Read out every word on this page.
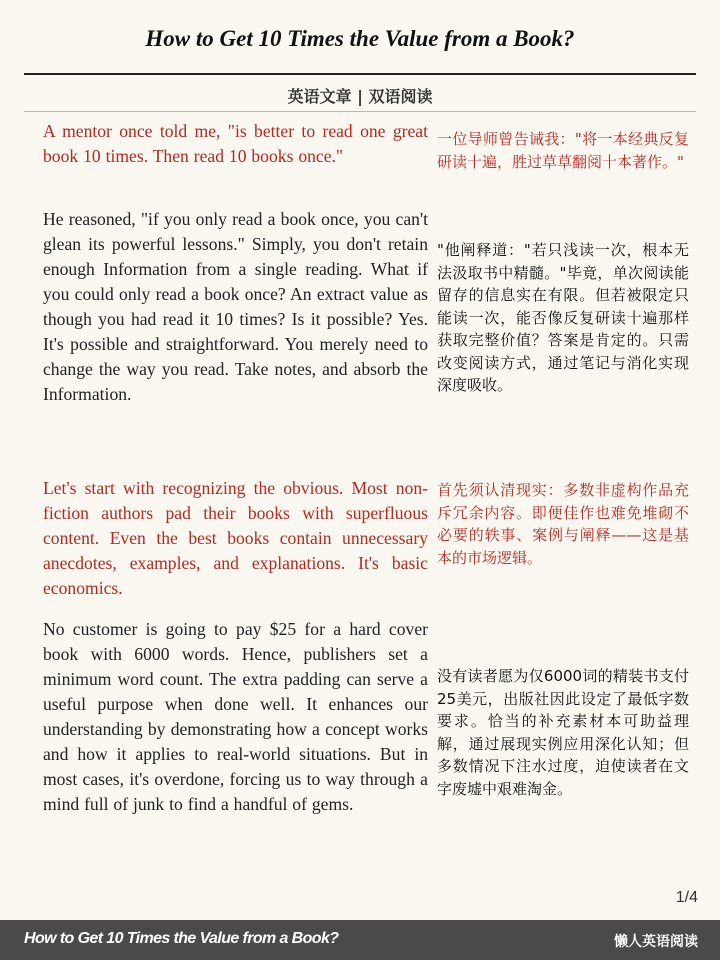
How to Get 10 Times the Value from a Book?
英语文章 | 双语阅读

A mentor once told me, "is better to read one great book 10 times. Then read 10 books once."

一位导师曾告诫我："将一本经典反复研读十遍，胜过草草翻阅十本著作。"

He reasoned, "if you only read a book once, you can't glean its powerful lessons." Simply, you don't retain enough Information from a single reading. What if you could only read a book once? An extract value as though you had read it 10 times? Is it possible? Yes. It's possible and straightforward. You merely need to change the way you read. Take notes, and absorb the Information.

"他阐释道："若只浅读一次，根本无法汲取书中精髓。"毕竟，单次阅读能留存的信息实在有限。但若被限定只能读一次，能否像反复研读十遍那样获取完整价值？答案是肯定的。只需改变阅读方式，通过笔记与消化实现深度吸收。

Let's start with recognizing the obvious. Most non-fiction authors pad their books with superfluous content. Even the best books contain unnecessary anecdotes, examples, and explanations. It's basic economics.

首先须认清现实：多数非虚构作品充斥冗余内容。即便佳作也难免堆砌不必要的轶事、案例与阐释——这是基本的市场逻辑。

No customer is going to pay $25 for a hard cover book with 6000 words. Hence, publishers set a minimum word count. The extra padding can serve a useful purpose when done well. It enhances our understanding by demonstrating how a concept works and how it applies to real-world situations. But in most cases, it's overdone, forcing us to way through a mind full of junk to find a handful of gems.

没有读者愿为仅6000词的精装书支付25美元，出版社因此设定了最低字数要求。恰当的补充素材本可助益理解，通过展现实例应用深化认知；但多数情况下注水过度，迫使读者在文字废墟中艰难淘金。

1/4
How to Get 10 Times the Value from a Book?	懒人英语阅读
